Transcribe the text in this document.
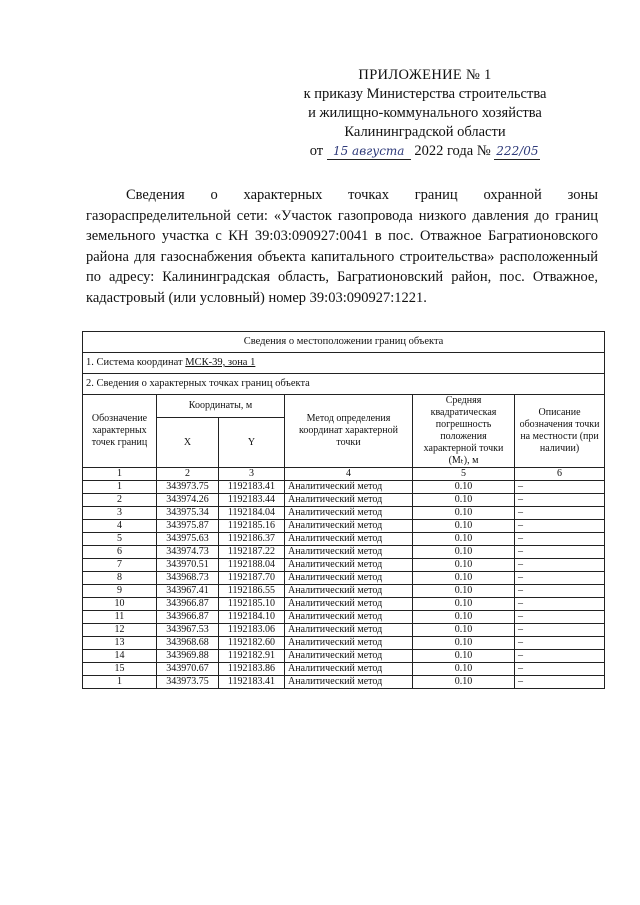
ПРИЛОЖЕНИЕ № 1
к приказу Министерства строительства
и жилищно-коммунального хозяйства
Калининградской области
от 15 августа 2022 года № 222/05

Сведения о характерных точках границ охранной зоны газораспределительной сети: «Участок газопровода низкого давления до границ земельного участка с КН 39:03:090927:0041 в пос. Отважное Багратионовского района для газоснабжения объекта капитального строительства» расположенный по адресу: Калининградская область, Багратионовский район, пос. Отважное, кадастровый (или условный) номер 39:03:090927:1221.

Сведения о местоположении границ объекта					
1. Система координат МСК-39, зона 1					
2. Сведения о характерных точках границ объекта					
Обозначение характерных точек границ	Координаты, м		Метод определения координат характерной точки	Средняя квадратическая погрешность положения характерной точки (Mₜ), м	Описание обозначения точки на местности (при наличии)
	X	Y			
1	2	3	4	5	6
1	343973.75	1192183.41	Аналитический метод	0.10	–
2	343974.26	1192183.44	Аналитический метод	0.10	–
3	343975.34	1192184.04	Аналитический метод	0.10	–
4	343975.87	1192185.16	Аналитический метод	0.10	–
5	343975.63	1192186.37	Аналитический метод	0.10	–
6	343974.73	1192187.22	Аналитический метод	0.10	–
7	343970.51	1192188.04	Аналитический метод	0.10	–
8	343968.73	1192187.70	Аналитический метод	0.10	–
9	343967.41	1192186.55	Аналитический метод	0.10	–
10	343966.87	1192185.10	Аналитический метод	0.10	–
11	343966.87	1192184.10	Аналитический метод	0.10	–
12	343967.53	1192183.06	Аналитический метод	0.10	–
13	343968.68	1192182.60	Аналитический метод	0.10	–
14	343969.88	1192182.91	Аналитический метод	0.10	–
15	343970.67	1192183.86	Аналитический метод	0.10	–
1	343973.75	1192183.41	Аналитический метод	0.10	–
